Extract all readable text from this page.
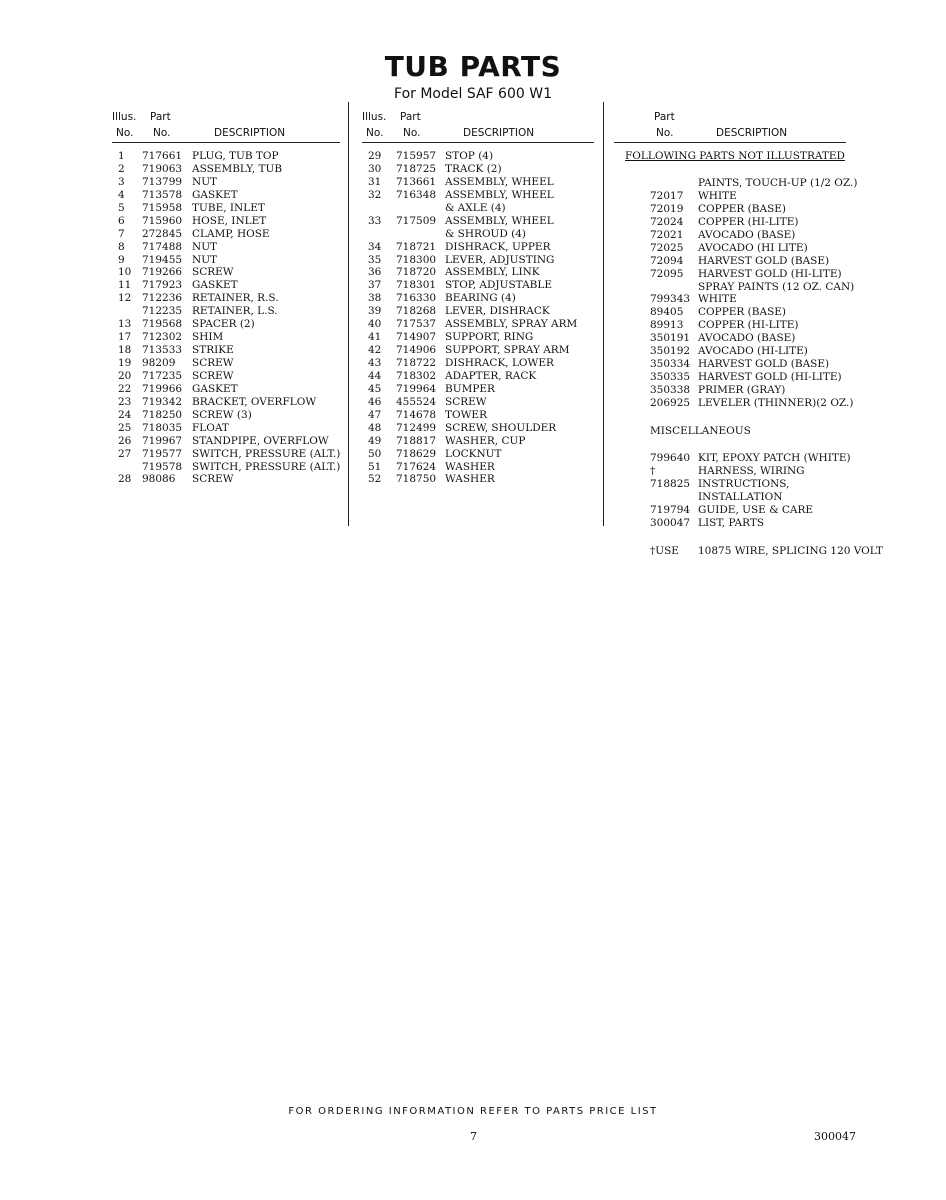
TUB PARTS

For Model SAF 600 W1

Illus. Part
No. No.	DESCRIPTION
Illus. Part
No. No.	DESCRIPTION
Part
No.	DESCRIPTION
1 717661 PLUG, TUB TOP
2 719063 ASSEMBLY, TUB
3 713799 NUT
4 713578 GASKET
5 715958 TUBE, INLET
6 715960 HOSE, INLET
7 272845 CLAMP, HOSE
8 717488 NUT
9 719455 NUT
10 719266 SCREW
11 717923 GASKET
12 712236 RETAINER, R.S.
712235 RETAINER, L.S.
13 719568 SPACER (2)
17 712302 SHIM
18 713533 STRIKE
19 98209 SCREW
20 717235 SCREW
22 719966 GASKET
23 719342 BRACKET, OVERFLOW
24 718250 SCREW (3)
25 718035 FLOAT
26 719967 STANDPIPE, OVERFLOW
27 719577 SWITCH, PRESSURE (ALT.)
719578 SWITCH, PRESSURE (ALT.)
28 98086 SCREW
29 715957 STOP (4)
30 718725 TRACK (2)
31 713661 ASSEMBLY, WHEEL
32 716348 ASSEMBLY, WHEEL
& AXLE (4)
33 717509 ASSEMBLY, WHEEL
& SHROUD (4)
34 718721 DISHRACK, UPPER
35 718300 LEVER, ADJUSTING
36 718720 ASSEMBLY, LINK
37 718301 STOP, ADJUSTABLE
38 716330 BEARING (4)
39 718268 LEVER, DISHRACK
40 717537 ASSEMBLY, SPRAY ARM
41 714907 SUPPORT, RING
42 714906 SUPPORT, SPRAY ARM
43 718722 DISHRACK, LOWER
44 718302 ADAPTER, RACK
45 719964 BUMPER
46 455524 SCREW
47 714678 TOWER
48 712499 SCREW, SHOULDER
49 718817 WASHER, CUP
50 718629 LOCKNUT
51 717624 WASHER
52 718750 WASHER
FOLLOWING PARTS NOT ILLUSTRATED
PAINTS, TOUCH-UP (1/2 OZ.)
72017 WHITE
72019 COPPER (BASE)
72024 COPPER (HI-LITE)
72021 AVOCADO (BASE)
72025 AVOCADO (HI LITE)
72094 HARVEST GOLD (BASE)
72095 HARVEST GOLD (HI-LITE)
SPRAY PAINTS (12 OZ. CAN)
799343 WHITE
89405 COPPER (BASE)
89913 COPPER (HI-LITE)
350191 AVOCADO (BASE)
350192 AVOCADO (HI-LITE)
350334 HARVEST GOLD (BASE)
350335 HARVEST GOLD (HI-LITE)
350338 PRIMER (GRAY)
206925 LEVELER (THINNER)(2 OZ.)
MISCELLANEOUS
799640 KIT, EPOXY PATCH (WHITE)
†	HARNESS, WIRING
718825 INSTRUCTIONS,
INSTALLATION
719794 GUIDE, USE & CARE
300047 LIST, PARTS
†USE 10875 WIRE, SPLICING 120 VOLT
FOR ORDERING INFORMATION REFER TO PARTS PRICE LIST
7	300047
